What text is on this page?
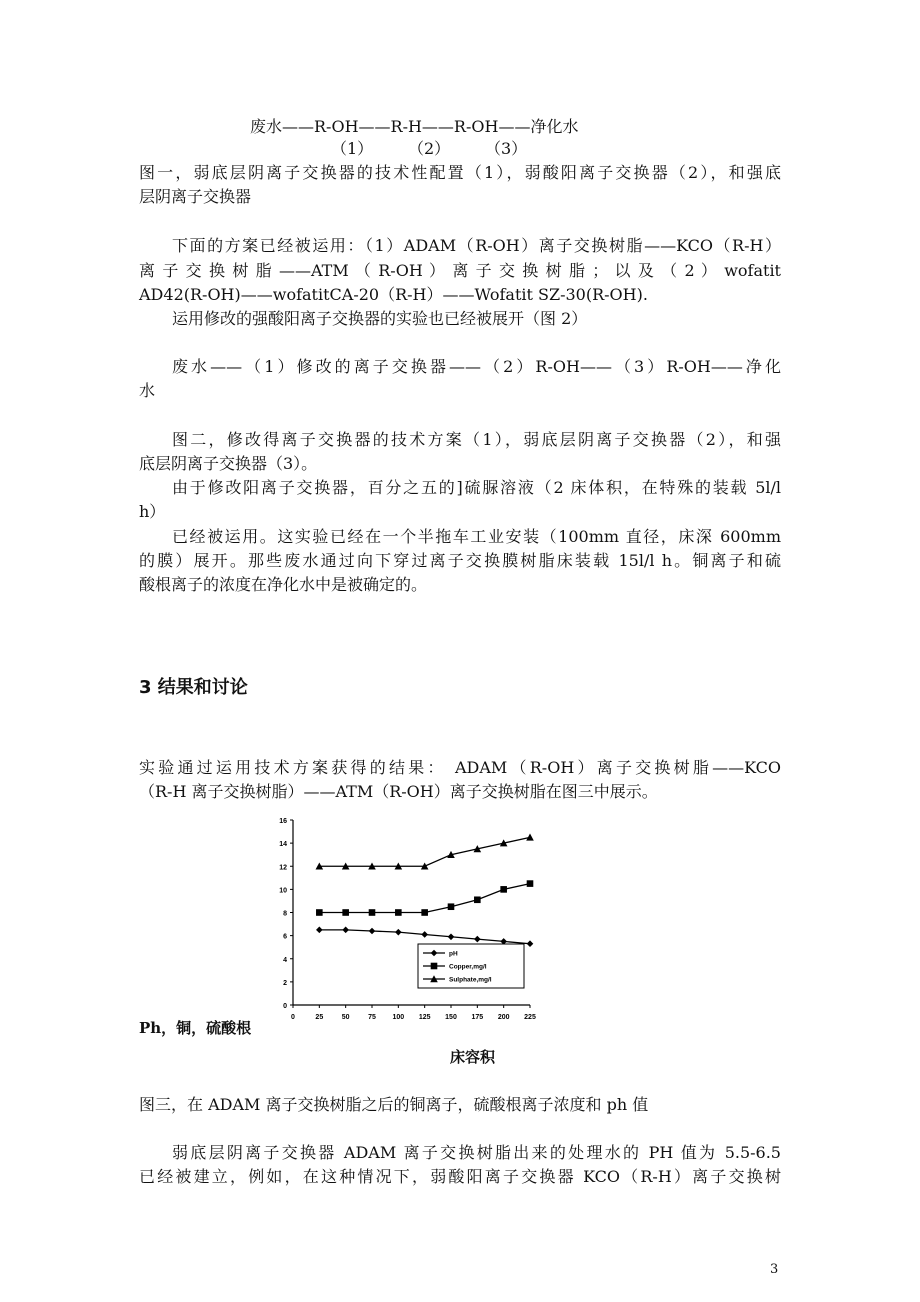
废水——R-OH——R-H——R-OH——净化水
（1） （2） （3）
图一，弱底层阴离子交换器的技术性配置（1），弱酸阳离子交换器（2），和强底
层阴离子交换器
下面的方案已经被运用：（1）ADAM（R-OH）离子交换树脂——KCO（R-H）
离 子 交 换 树 脂 ——ATM （ R-OH ） 离 子 交 换 树 脂 ； 以 及 （ 2 ） wofatit
AD42(R-OH)——wofatitCA-20（R-H）——Wofatit SZ-30(R-OH).
运用修改的强酸阳离子交换器的实验也已经被展开（图 2）
废水——（1）修改的离子交换器——（2）R-OH——（3）R-OH——净化
水
图二，修改得离子交换器的技术方案（1），弱底层阴离子交换器（2），和强
底层阴离子交换器（3）。
由于修改阳离子交换器，百分之五的]硫脲溶液（2 床体积，在特殊的装载 5l/l
h）
已经被运用。这实验已经在一个半拖车工业安装（100mm 直径，床深 600mm
的膜）展开。那些废水通过向下穿过离子交换膜树脂床装载 15l/l h。铜离子和硫
酸根离子的浓度在净化水中是被确定的。
3 结果和讨论
实验通过运用技术方案获得的结果： ADAM（R-OH）离子交换树脂——KCO
（R-H 离子交换树脂）——ATM（R-OH）离子交换树脂在图三中展示。
0
2
4
6
8
10
12
14
16
0	25	50	75 100 125 150 175 200 225
pH
Copper,mg/l
Sulphate,mg/l
Ph，铜，硫酸根
床容积
图三，在 ADAM 离子交换树脂之后的铜离子，硫酸根离子浓度和 ph 值
弱底层阴离子交换器 ADAM 离子交换树脂出来的处理水的 PH 值为 5.5-6.5
已经被建立，例如，在这种情况下，弱酸阳离子交换器 KCO（R-H）离子交换树
3
